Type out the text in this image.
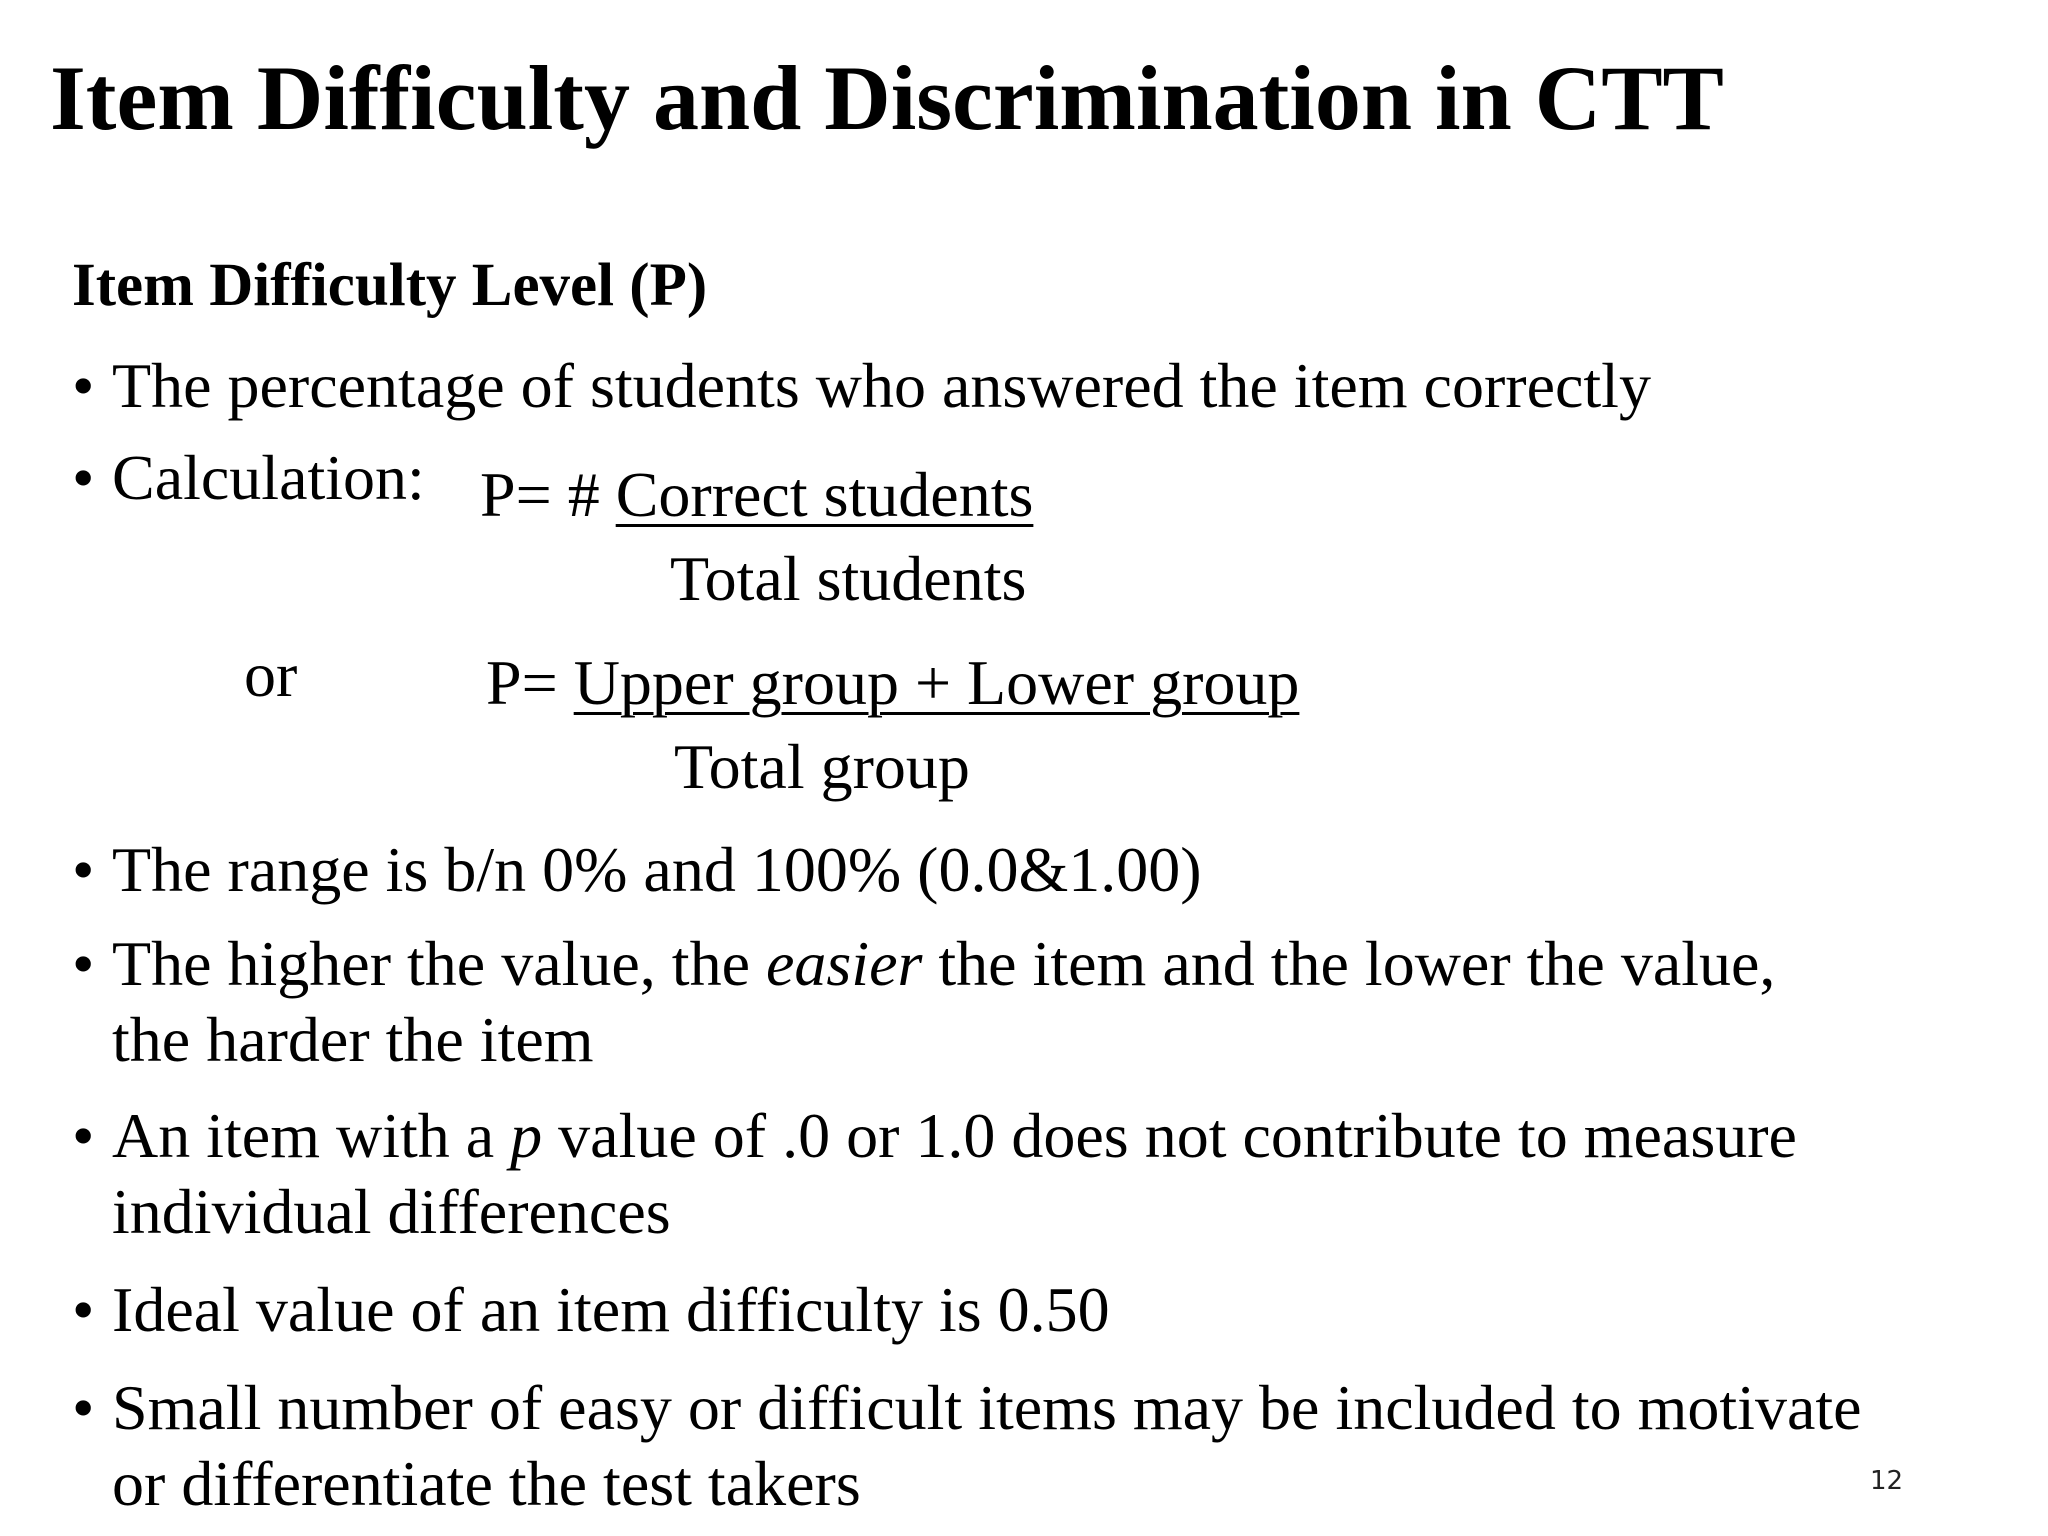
Item Difficulty and Discrimination in CTT
Item Difficulty Level (P)
• The percentage of students who answered the item correctly
• Calculation: P= # Correct students
Total students
or	P= Upper group + Lower group
Total group
• The range is b/n 0% and 100% (0.0&1.00)
• The higher the value, the easier the item and the lower the value,
the harder the item
• An item with a p value of .0 or 1.0 does not contribute to measure
individual differences
• Ideal value of an item difficulty is 0.50
• Small number of easy or difficult items may be included to motivate
or differentiate the test takers	12
